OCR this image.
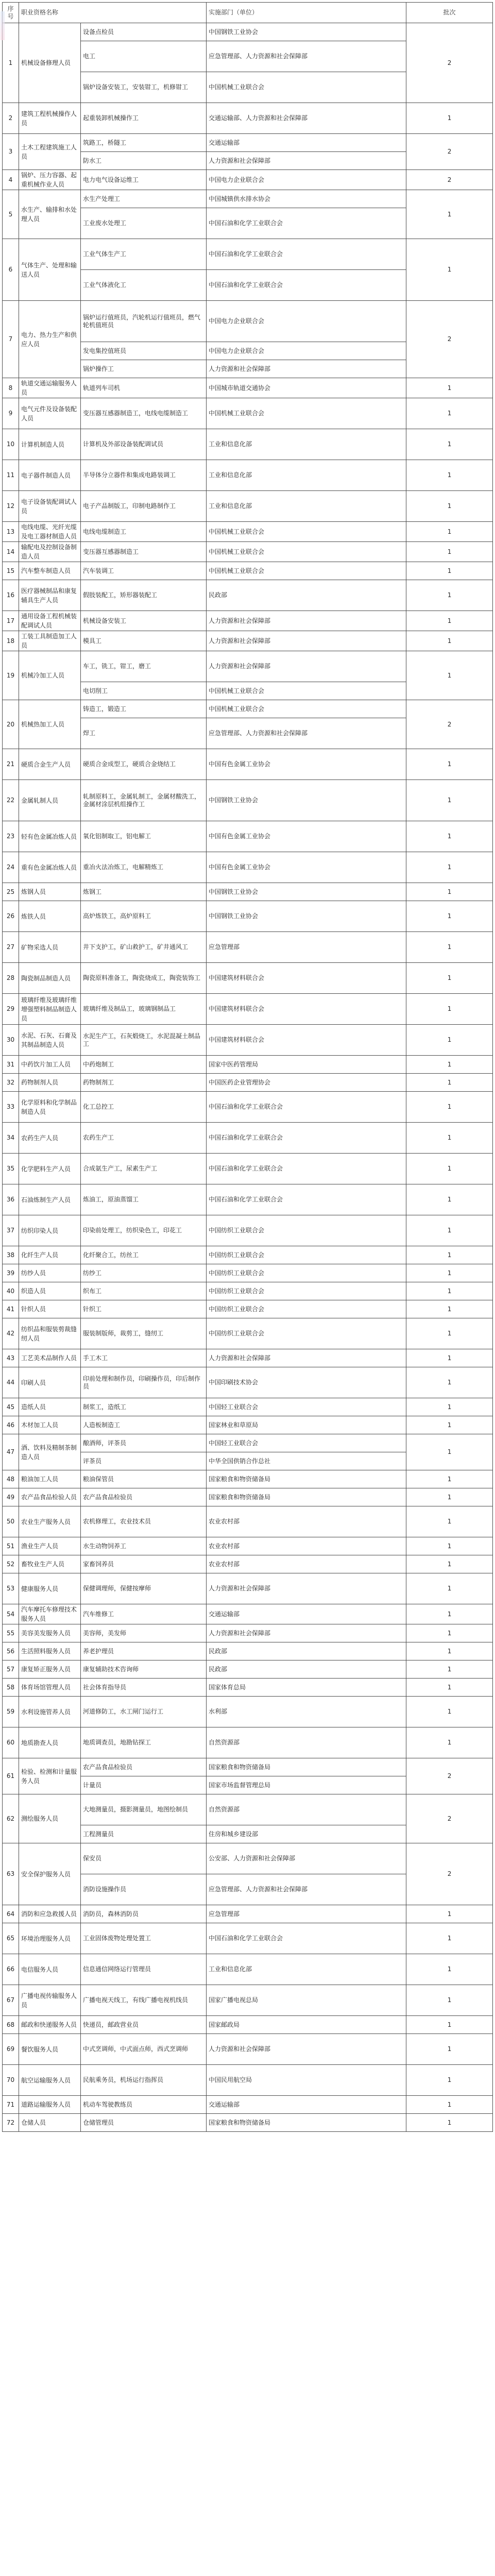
序号	职业资格名称		实施部门（单位）	批次
1	机械设备修理人员	设备点检员	中国钢铁工业协会	2
		电工	应急管理部、人力资源和社会保障部	
		锅炉设备安装工，安装钳工，机修钳工	中国机械工业联合会	
2	建筑工程机械操作人员	起重装卸机械操作工	交通运输部、人力资源和社会保障部	1
3	土木工程建筑施工人员	筑路工，桥隧工	交通运输部	2
		防水工	人力资源和社会保障部	
4	锅炉、压力容器、起重机械作业人员	电力电气设备运维工	中国电力企业联合会	2
5	水生产、输排和水处理人员	水生产处理工	中国城镇供水排水协会	1
		工业废水处理工	中国石油和化学工业联合会	
6	气体生产、处理和输送人员	工业气体生产工	中国石油和化学工业联合会	1
		工业气体液化工	中国石油和化学工业联合会	
7	电力、热力生产和供应人员	锅炉运行值班员，汽轮机运行值班员，燃气轮机值班员	中国电力企业联合会	2
		发电集控值班员	中国电力企业联合会	
		锅炉操作工	人力资源和社会保障部	
8	轨道交通运输服务人员	轨道列车司机	中国城市轨道交通协会	1
9	电气元件及设备装配人员	变压器互感器制造工，电线电缆制造工	中国机械工业联合会	1
10	计算机制造人员	计算机及外部设备装配调试员	工业和信息化部	1
11	电子器件制造人员	半导体分立器件和集成电路装调工	工业和信息化部	1
12	电子设备装配调试人员	电子产品制版工，印制电路制作工	工业和信息化部	1
13	电线电缆、光纤光缆及电工器材制造人员	电线电缆制造工	中国机械工业联合会	1
14	输配电及控制设备制造人员	变压器互感器制造工	中国机械工业联合会	1
15	汽车整车制造人员	汽车装调工	中国机械工业联合会	1
16	医疗器械制品和康复辅具生产人员	假肢装配工，矫形器装配工	民政部	1
17	通用设备工程机械装配调试人员	机械设备安装工	人力资源和社会保障部	1
18	工装工具制造加工人员	模具工	人力资源和社会保障部	1
19	机械冷加工人员	车工，铣工，钳工，磨工	人力资源和社会保障部	1
		电切削工	中国机械工业联合会	
20	机械热加工人员	铸造工，锻造工	中国机械工业联合会	2
		焊工	应急管理部、人力资源和社会保障部	
21	硬质合金生产人员	硬质合金成型工，硬质合金烧结工	中国有色金属工业协会	1
22	金属轧制人员	轧制原料工，金属轧制工，金属材酸洗工，金属材涂层机组操作工	中国钢铁工业协会	1
23	轻有色金属冶炼人员	氧化铝制取工，铝电解工	中国有色金属工业协会	1
24	重有色金属冶炼人员	重冶火法冶炼工，电解精炼工	中国有色金属工业协会	1
25	炼钢人员	炼钢工	中国钢铁工业协会	1
26	炼铁人员	高炉炼铁工，高炉原料工	中国钢铁工业协会	1
27	矿物采选人员	井下支护工，矿山救护工，矿井通风工	应急管理部	1
28	陶瓷制品制造人员	陶瓷原料准备工，陶瓷烧成工，陶瓷装饰工	中国建筑材料联合会	1
29	玻璃纤维及玻璃纤维增强塑料制品制造人员	玻璃纤维及制品工，玻璃钢制品工	中国建筑材料联合会	1
30	水泥、石灰、石膏及其制品制造人员	水泥生产工，石灰煅烧工，水泥混凝土制品工	中国建筑材料联合会	1
31	中药饮片加工人员	中药炮制工	国家中医药管理局	1
32	药物制剂人员	药物制剂工	中国医药企业管理协会	1
33	化学原料和化学制品制造人员	化工总控工	中国石油和化学工业联合会	1
34	农药生产人员	农药生产工	中国石油和化学工业联合会	1
35	化学肥料生产人员	合成氨生产工，尿素生产工	中国石油和化学工业联合会	1
36	石油炼制生产人员	炼油工，原油蒸馏工	中国石油和化学工业联合会	1
37	纺织印染人员	印染前处理工，纺织染色工，印花工	中国纺织工业联合会	1
38	化纤生产人员	化纤聚合工，纺丝工	中国纺织工业联合会	1
39	纺纱人员	纺纱工	中国纺织工业联合会	1
40	织造人员	织布工	中国纺织工业联合会	1
41	针织人员	针织工	中国纺织工业联合会	1
42	纺织品和服装剪裁缝纫人员	服装制版师，裁剪工，缝纫工	中国纺织工业联合会	1
43	工艺美术品制作人员	手工木工	人力资源和社会保障部	1
44	印刷人员	印前处理和制作员，印刷操作员，印后制作员	中国印刷技术协会	1
45	造纸人员	制浆工，造纸工	中国轻工业联合会	1
46	木材加工人员	人造板制造工	国家林业和草原局	1
47	酒、饮料及精制茶制造人员	酿酒师，评茶员	中国轻工业联合会	1
		评茶员	中华全国供销合作总社	
48	粮油加工人员	粮油保管员	国家粮食和物资储备局	1
49	农产品食品检验人员	农产品食品检验员	国家粮食和物资储备局	1
50	农业生产服务人员	农机修理工，农业技术员	农业农村部	1
51	渔业生产人员	水生动物饲养工	农业农村部	1
52	畜牧业生产人员	家畜饲养员	农业农村部	1
53	健康服务人员	保健调理师，保健按摩师	人力资源和社会保障部	1
54	汽车摩托车修理技术服务人员	汽车维修工	交通运输部	1
55	美容美发服务人员	美容师，美发师	人力资源和社会保障部	1
56	生活照料服务人员	养老护理员	民政部	1
57	康复矫正服务人员	康复辅助技术咨询师	民政部	1
58	体育场馆管理人员	社会体育指导员	国家体育总局	1
59	水利设施管养人员	河道修防工，水工闸门运行工	水利部	1
60	地质勘查人员	地质调查员，地勘钻探工	自然资源部	1
61	检验、检测和计量服务人员	农产品食品检验员	国家粮食和物资储备局	2
		计量员	国家市场监督管理总局	
62	测绘服务人员	大地测量员，摄影测量员，地图绘制员	自然资源部	2
		工程测量员	住房和城乡建设部	
63	安全保护服务人员	保安员	公安部、人力资源和社会保障部	2
		消防设施操作员	应急管理部、人力资源和社会保障部	
64	消防和应急救援人员	消防员，森林消防员	应急管理部	1
65	环境治理服务人员	工业固体废物处理处置工	中国石油和化学工业联合会	1
66	电信服务人员	信息通信网络运行管理员	工业和信息化部	1
67	广播电视传输服务人员	广播电视天线工，有线广播电视机线员	国家广播电视总局	1
68	邮政和快递服务人员	快递员，邮政营业员	国家邮政局	1
69	餐饮服务人员	中式烹调师，中式面点师，西式烹调师	人力资源和社会保障部	1
70	航空运输服务人员	民航乘务员，机场运行指挥员	中国民用航空局	1
71	道路运输服务人员	机动车驾驶教练员	交通运输部	1
72	仓储人员	仓储管理员	国家粮食和物资储备局	1
